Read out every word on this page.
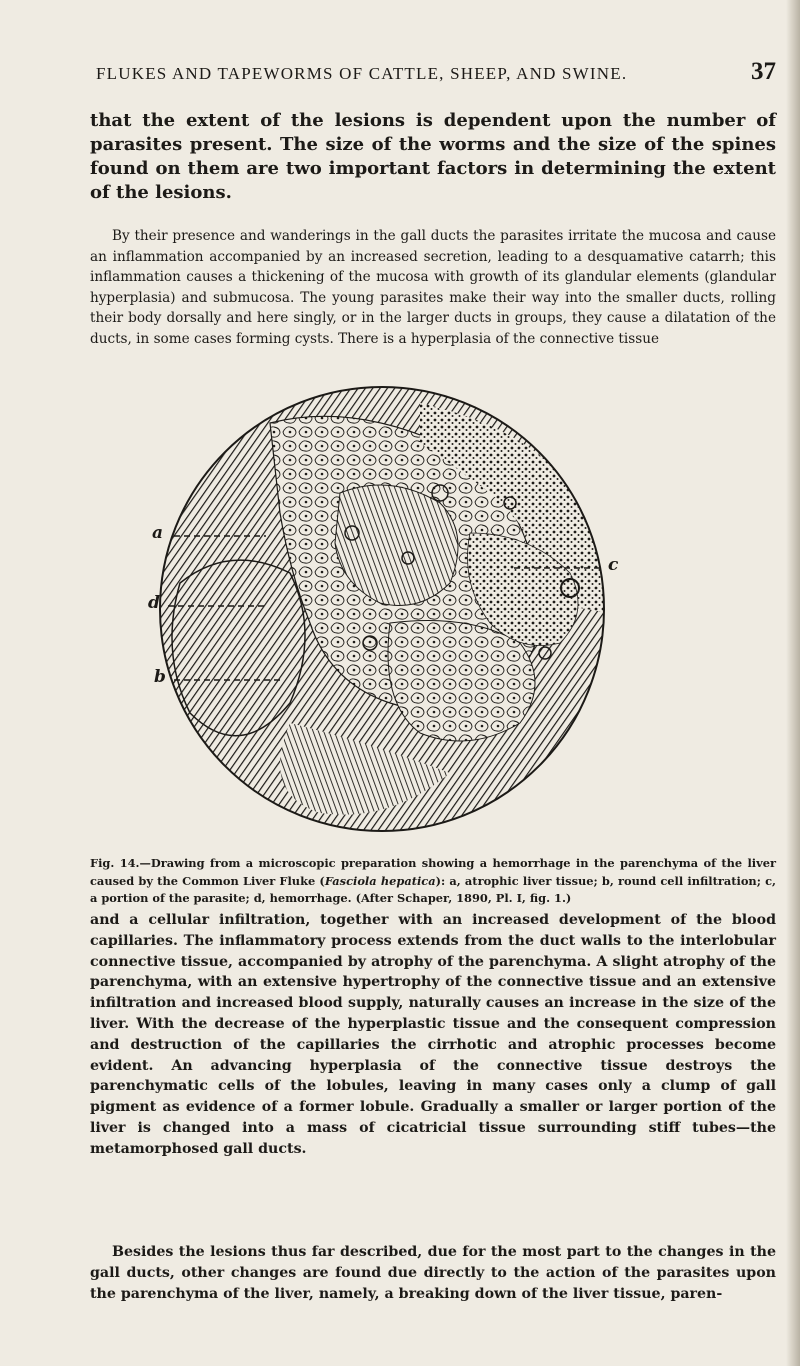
FLUKES AND TAPEWORMS OF CATTLE, SHEEP, AND SWINE.	37

that the extent of the lesions is dependent upon the number of parasites present. The size of the worms and the size of the spines found on them are two important factors in determining the extent of the lesions.

By their presence and wanderings in the gall ducts the parasites irritate the mucosa and cause an inflammation accompanied by an increased secretion, leading to a desquamative catarrh; this inflammation causes a thickening of the mucosa with growth of its glandular elements (glandular hyperplasia) and submucosa. The young parasites make their way into the smaller ducts, rolling their body dorsally and here singly, or in the larger ducts in groups, they cause a dilatation of the ducts, in some cases forming cysts. There is a hyperplasia of the connective tissue

a
c
d
b

Fig. 14.—Drawing from a microscopic preparation showing a hemorrhage in the parenchyma of the liver caused by the Common Liver Fluke (Fasciola hepatica): a, atrophic liver tissue; b, round cell infiltration; c, a portion of the parasite; d, hemorrhage. (After Schaper, 1890, Pl. I, fig. 1.)

and a cellular infiltration, together with an increased development of the blood capillaries. The inflammatory process extends from the duct walls to the interlobular connective tissue, accompanied by atrophy of the parenchyma. A slight atrophy of the parenchyma, with an extensive hypertrophy of the connective tissue and an extensive infiltration and increased blood supply, naturally causes an increase in the size of the liver. With the decrease of the hyperplastic tissue and the consequent compression and destruction of the capillaries the cirrhotic and atrophic processes become evident. An advancing hyperplasia of the connective tissue destroys the parenchymatic cells of the lobules, leaving in many cases only a clump of gall pigment as evidence of a former lobule. Gradually a smaller or larger portion of the liver is changed into a mass of cicatricial tissue surrounding stiff tubes—the metamorphosed gall ducts.

Besides the lesions thus far described, due for the most part to the changes in the gall ducts, other changes are found due directly to the action of the parasites upon the parenchyma of the liver, namely, a breaking down of the liver tissue, paren-
